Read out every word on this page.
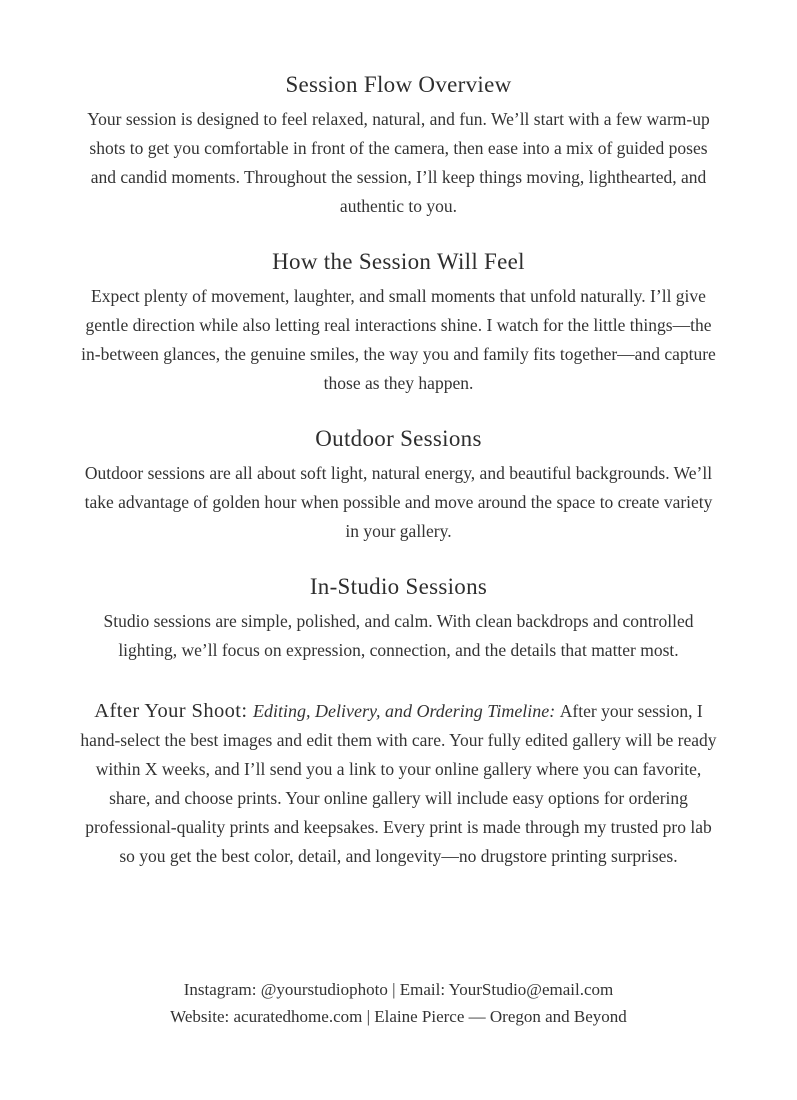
Session Flow Overview

Your session is designed to feel relaxed, natural, and fun. We’ll start with a few warm-up shots to get you comfortable in front of the camera, then ease into a mix of guided poses and candid moments. Throughout the session, I’ll keep things moving, lighthearted, and authentic to you.

How the Session Will Feel

Expect plenty of movement, laughter, and small moments that unfold naturally. I’ll give gentle direction while also letting real interactions shine. I watch for the little things—the in-between glances, the genuine smiles, the way you and family fits together—and capture those as they happen.

Outdoor Sessions

Outdoor sessions are all about soft light, natural energy, and beautiful backgrounds. We’ll take advantage of golden hour when possible and move around the space to create variety in your gallery.

In-Studio Sessions

Studio sessions are simple, polished, and calm. With clean backdrops and controlled lighting, we’ll focus on expression, connection, and the details that matter most.

After Your Shoot: Editing, Delivery, and Ordering Timeline: After your session, I hand-select the best images and edit them with care. Your fully edited gallery will be ready within X weeks, and I’ll send you a link to your online gallery where you can favorite, share, and choose prints. Your online gallery will include easy options for ordering professional-quality prints and keepsakes. Every print is made through my trusted pro lab so you get the best color, detail, and longevity—no drugstore printing surprises.

Instagram: @yourstudiophoto | Email: YourStudio@email.com

Website: acuratedhome.com | Elaine Pierce — Oregon and Beyond
